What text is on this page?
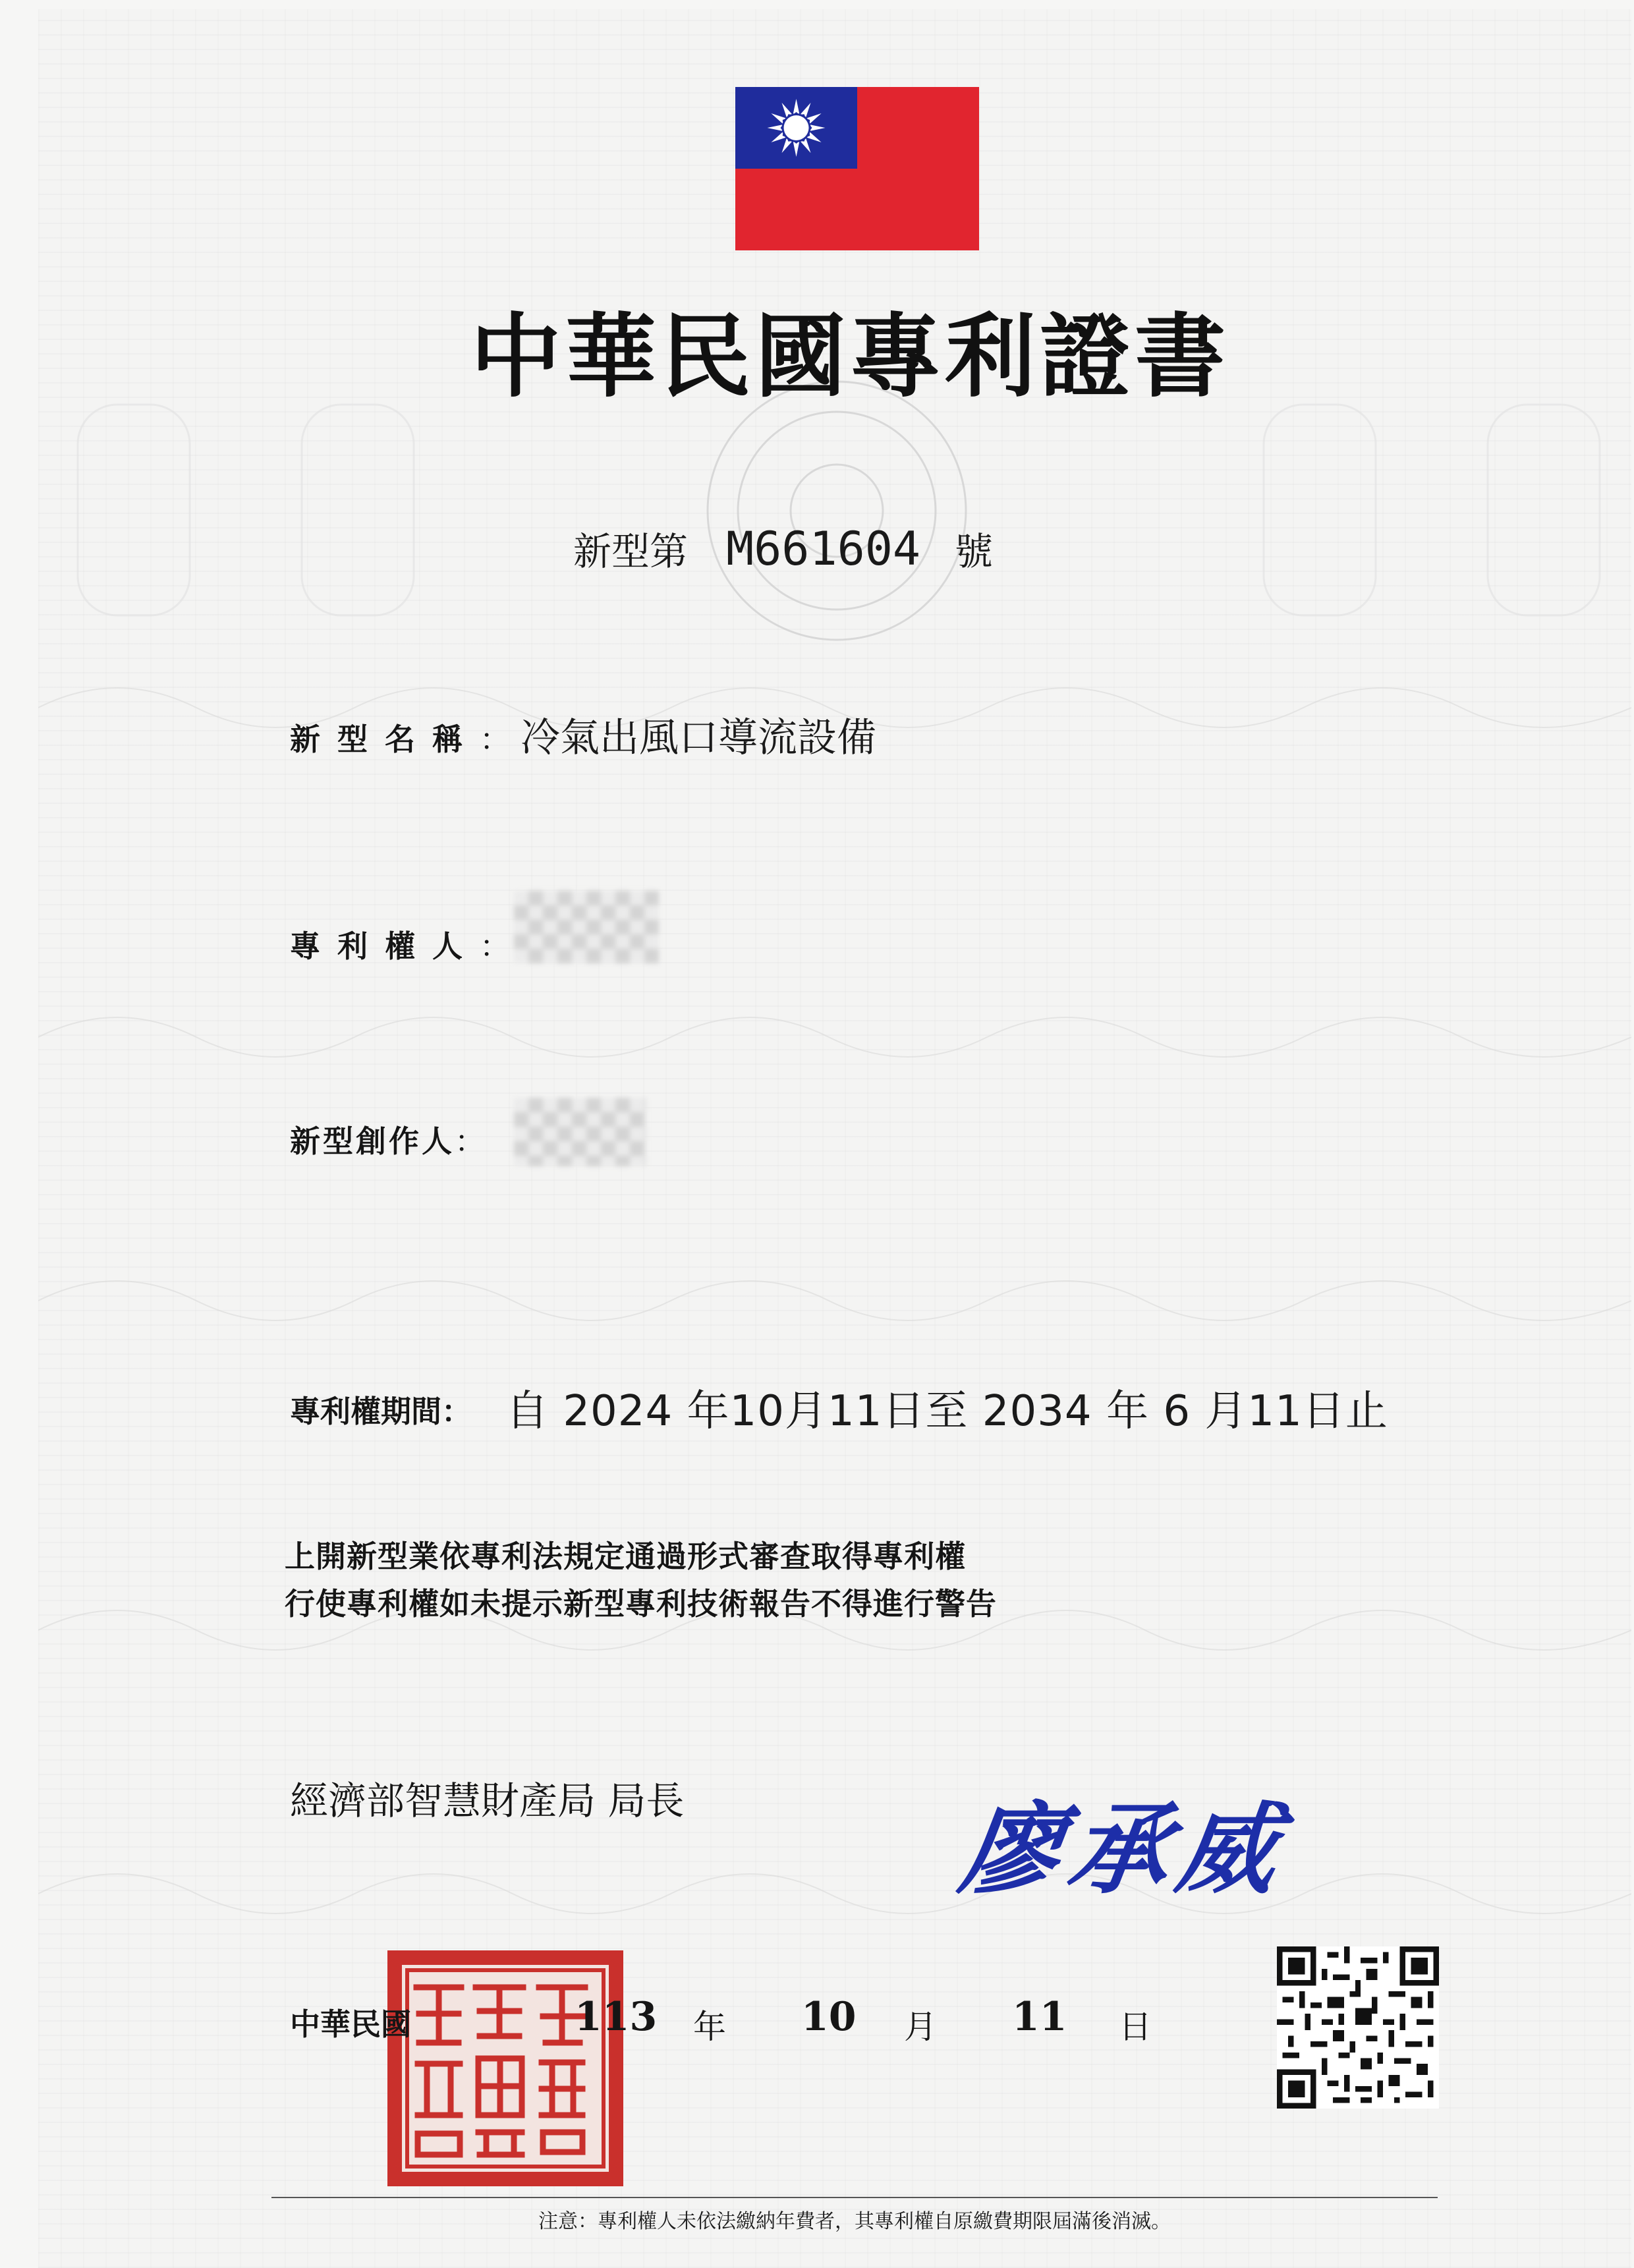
中華民國專利證書
新型第 M661604 號
新型名稱： 冷氣出風口導流設備
專利權人：
新型創作人：
專利權期間： 自 2024 年10月11日至 2034 年 6 月11日止
上開新型業依專利法規定通過形式審查取得專利權
行使專利權如未提示新型專利技術報告不得進行警告
經濟部智慧財產局 局長	廖承威
中華民國	113 年 10 月 11 日
注意：專利權人未依法繳納年費者，其專利權自原繳費期限屆滿後消滅。
